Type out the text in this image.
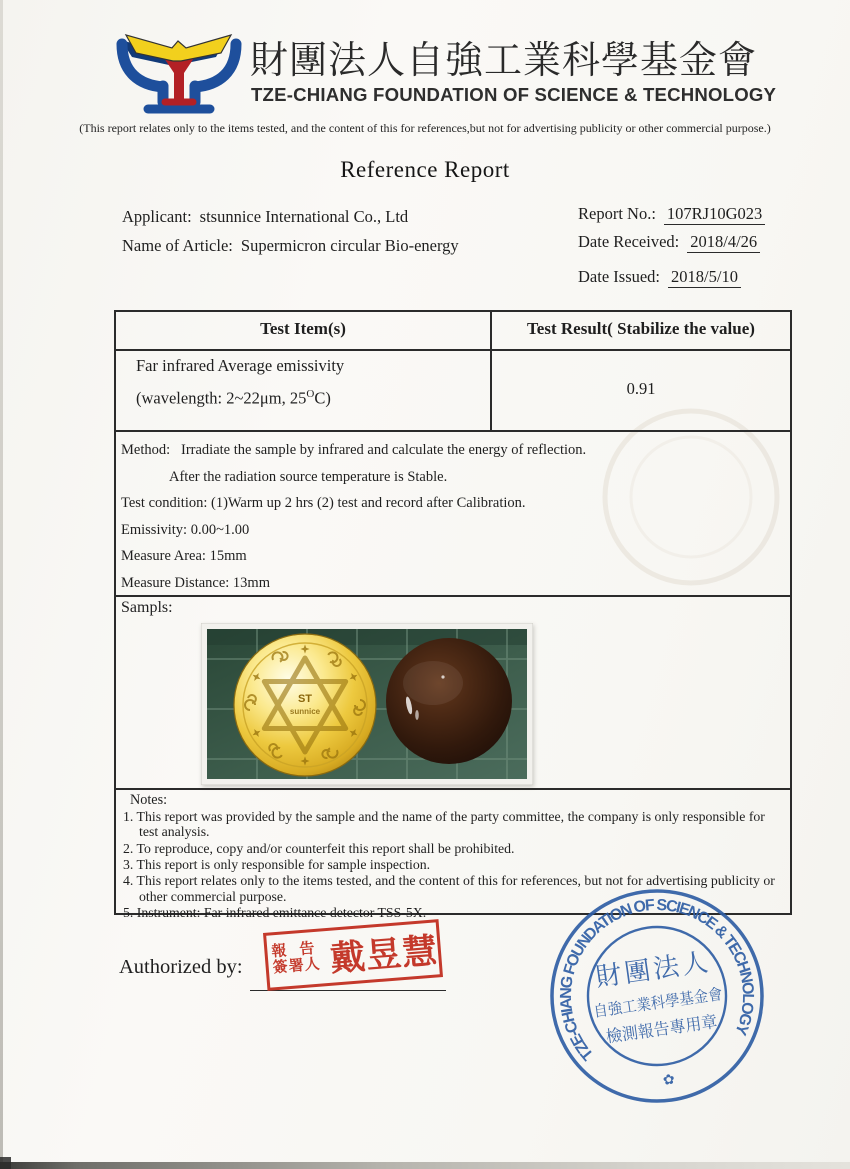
財團法人自強工業科學基金會
TZE-CHIANG FOUNDATION OF SCIENCE & TECHNOLOGY
(This report relates only to the items tested, and the content of this for references,but not for advertising publicity or other commercial purpose.)
Reference Report
Applicant: stsunnice International Co., Ltd
Name of Article: Supermicron circular Bio-energy
Report No.: 107RJ10G023
Date Received: 2018/4/26
Date Issued: 2018/5/10
Test Item(s)	Test Result( Stabilize the value)
Far infrared Average emissivity
(wavelength: 2~22μm, $25^OC$)	0.91
Method:   Irradiate the sample by infrared and calculate the energy of reflection.
After the radiation source temperature is Stable.
Test condition: (1)Warm up 2 hrs (2) test and record after Calibration.
Emissivity: 0.00~1.00
Measure Area: 15mm
Measure Distance: 13mm
Sampls:
ST
sunnice
Notes:
1. This report was provided by the sample and the name of the party committee, the company is only responsible for test analysis.
2. To reproduce, copy and/or counterfeit this report shall be prohibited.
3. This report is only responsible for sample inspection.
4. This report relates only to the items tested, and the content of this for references, but not for advertising publicity or other commercial purpose.
5. Instrument: Far infrared emittance detector TSS-5X.
Authorized by:
報告
簽署人 戴昱慧
TZE-CHIANG FOUNDATION OF SCIENCE & TECHNOLOGY
✿
財團法人
自強工業科學基金會
檢測報告專用章
